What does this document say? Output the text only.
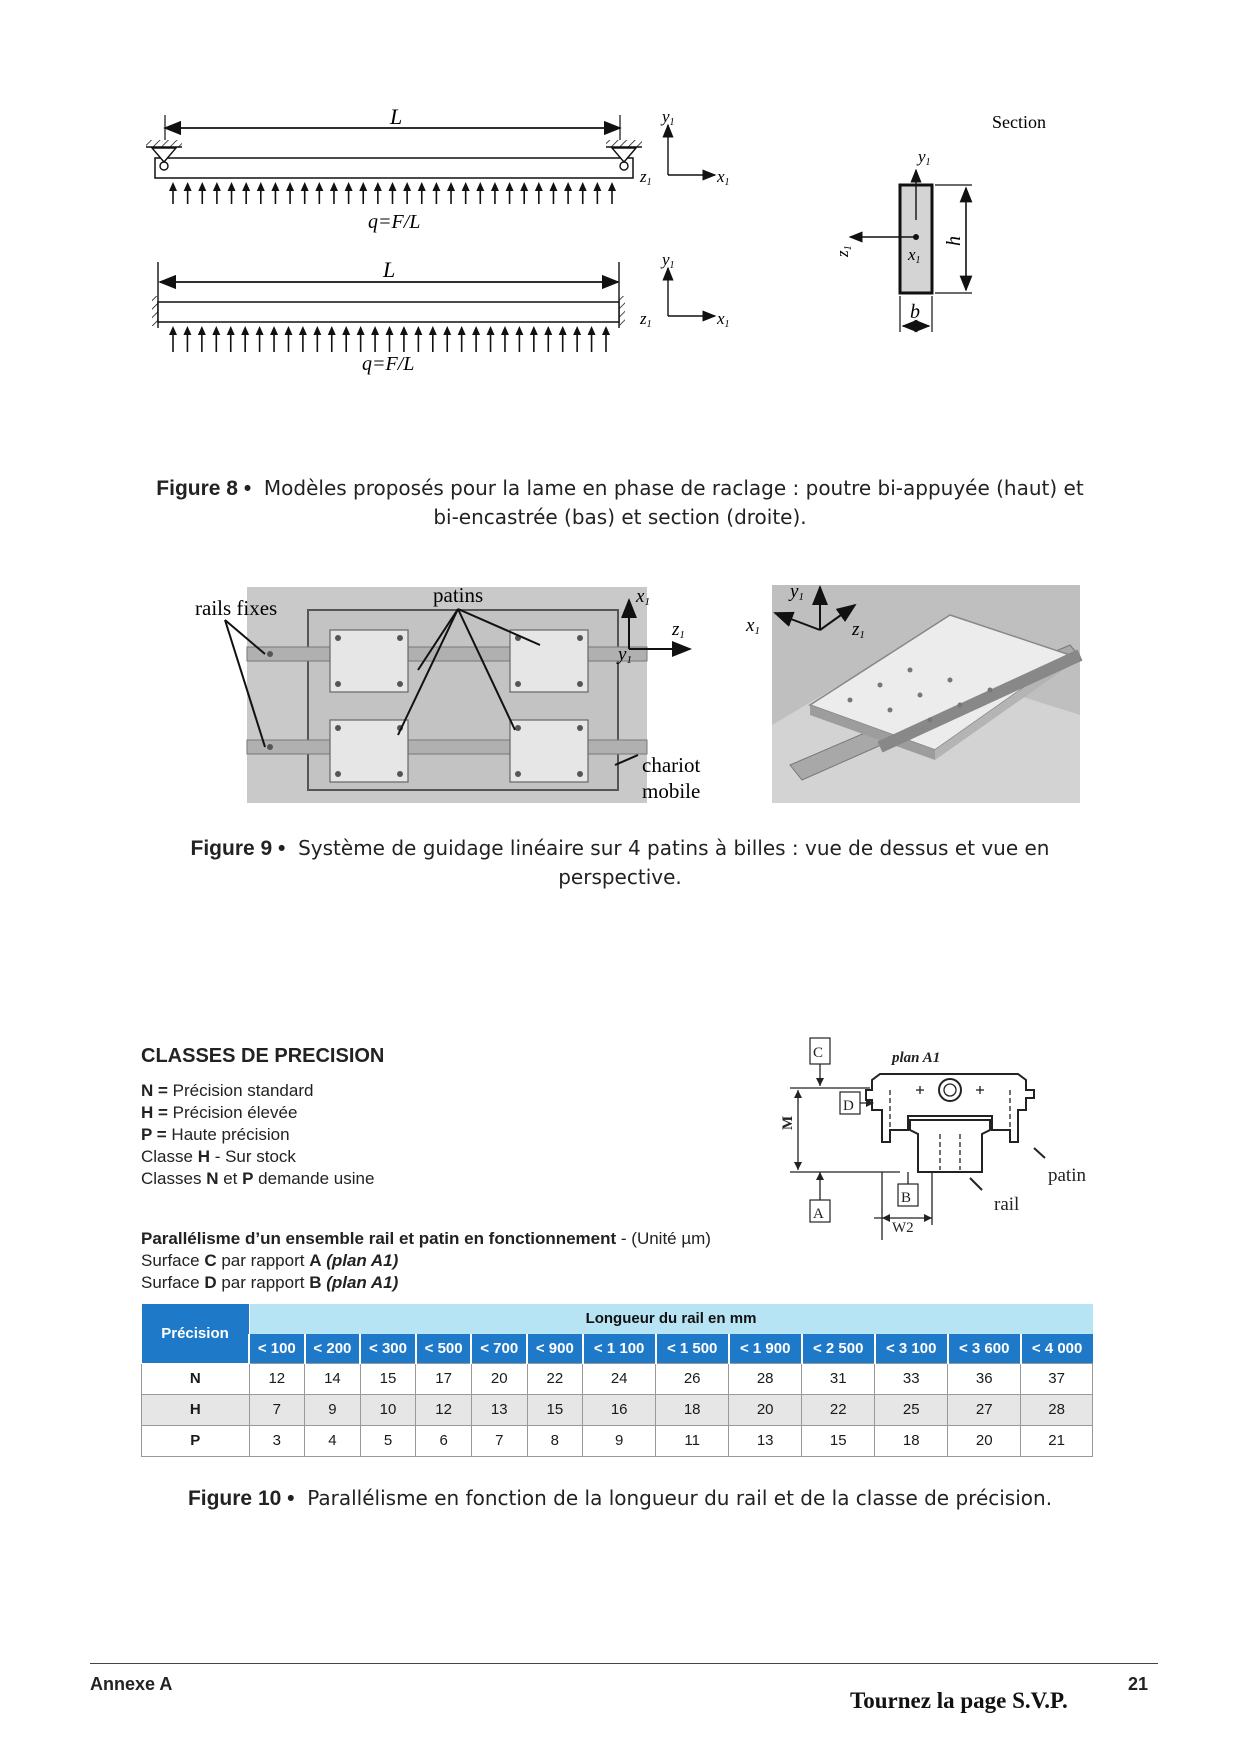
L
q=F/L
y1
z1	x1
L
q=F/L
y1
z1	x1
Section
y1
z1	x1
h
b
Figure 8 • Modèles proposés pour la lame en phase de raclage : poutre bi-appuyée (haut) et
bi-encastrée (bas) et section (droite).
rails fixes
patins
chariot
mobile
x1
z1
y1
y1
x1	z1
Figure 9 • Système de guidage linéaire sur 4 patins à billes : vue de dessus et vue en perspective.
CLASSES DE PRECISION
N = Précision standard
H = Précision élevée
P = Haute précision
Classe H - Sur stock
Classes N et P demande usine
Parallélisme d’un ensemble rail et patin en fonctionnement - (Unité µm)
Surface C par rapport A (plan A1)
Surface D par rapport B (plan A1)
C	plan A1
D
A
B
M
W2
patin
rail
Précision	Longueur du rail en mm												
	< 100	< 200	< 300	< 500	< 700	< 900	< 1 100	< 1 500	< 1 900	< 2 500	< 3 100	< 3 600	< 4 000
N	12	14	15	17	20	22	24	26	28	31	33	36	37
H	7	9	10	12	13	15	16	18	20	22	25	27	28
P	3	4	5	6	7	8	9	11	13	15	18	20	21
Figure 10 • Parallélisme en fonction de la longueur du rail et de la classe de précision.
Annexe A
Tournez la page S.V.P.
21
